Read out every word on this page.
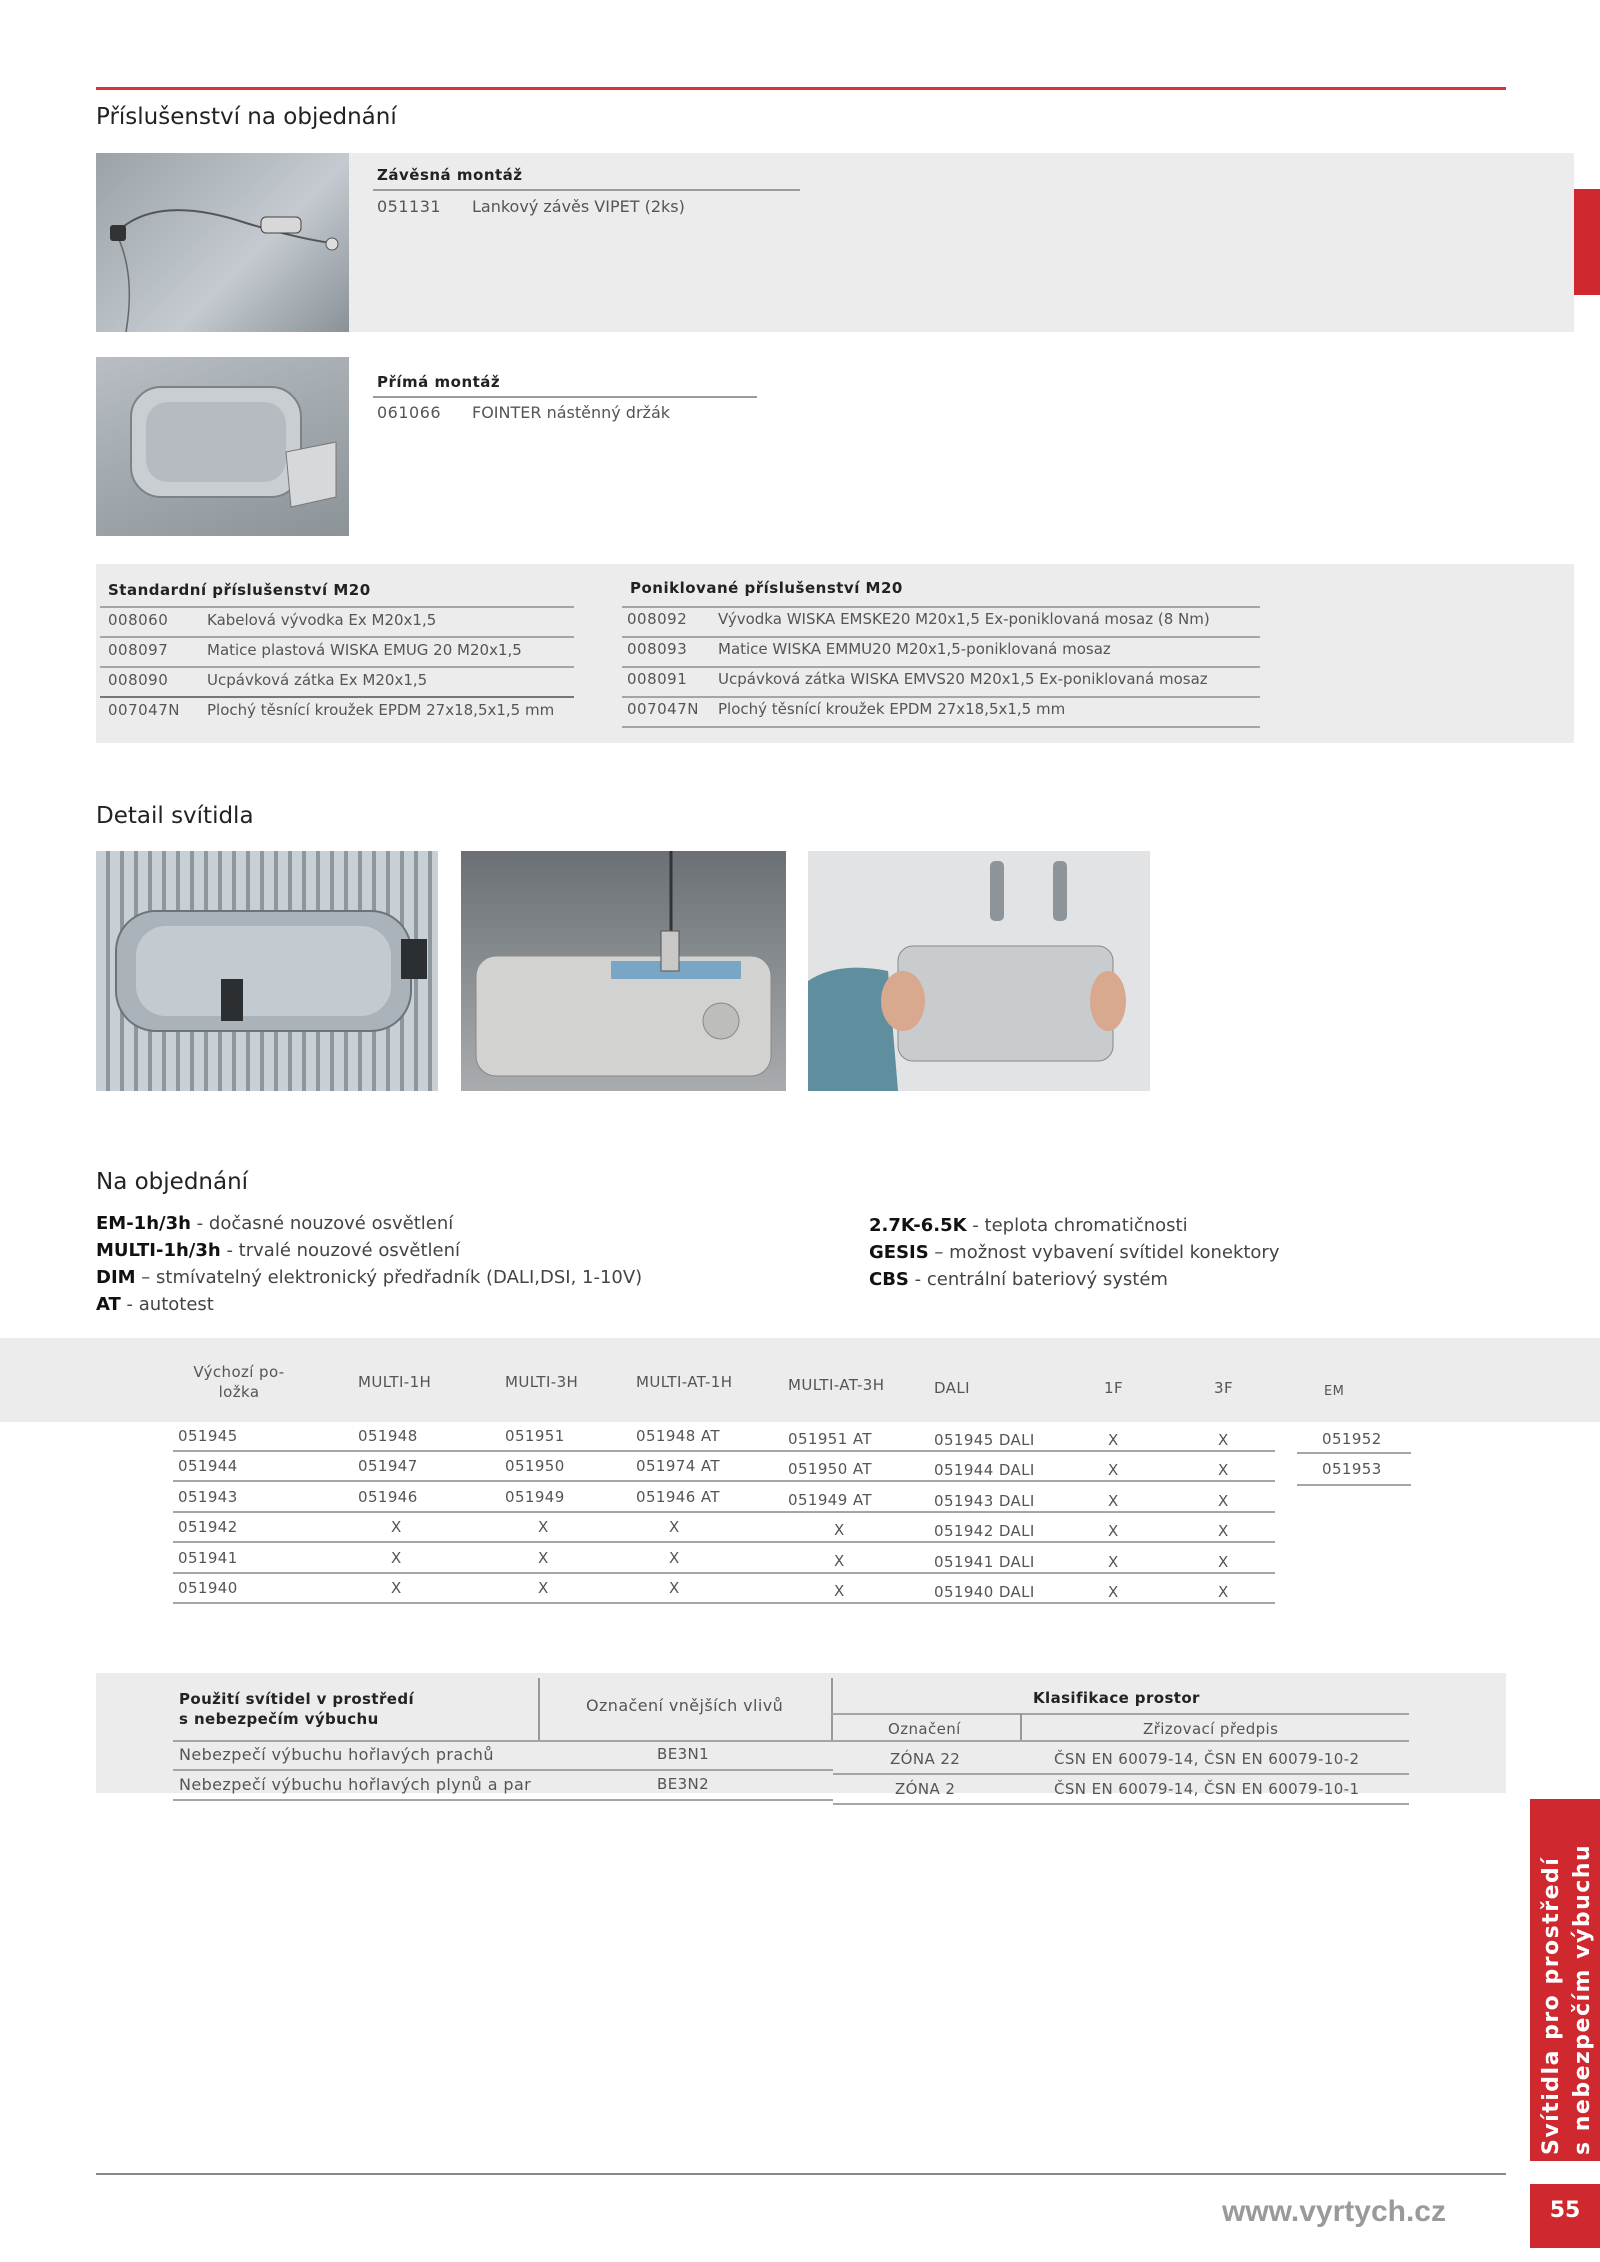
Příslušenství na objednání
Závěsná montáž
051131 Lankový závěs VIPET (2ks)
Přímá montáž
061066 FOINTER nástěnný držák
Standardní příslušenství M20	Poniklované příslušenství M20
008060	Kabelová vývodka Ex M20x1,5	008092 Vývodka WISKA EMSKE20 M20x1,5 Ex-poniklovaná mosaz (8 Nm)
008097	Matice plastová WISKA EMUG 20 M20x1,5	008093 Matice WISKA EMMU20 M20x1,5-poniklovaná mosaz
008090	Ucpávková zátka Ex M20x1,5	008091 Ucpávková zátka WISKA EMVS20 M20x1,5 Ex-poniklovaná mosaz
007047N Plochý těsnící kroužek EPDM 27x18,5x1,5 mm	007047N Plochý těsnící kroužek EPDM 27x18,5x1,5 mm
Detail svítidla
Na objednání
EM-1h/3h - dočasné nouzové osvětlení
MULTI-1h/3h - trvalé nouzové osvětlení
DIM – stmívatelný elektronický předřadník (DALI,DSI, 1-10V)
AT - autotest
2.7K-6.5K - teplota chromatičnosti
GESIS – možnost vybavení svítidel konektory
CBS - centrální bateriový systém
Výchozí po-
ložka
MULTI-1H	MULTI-3H	MULTI-AT-1H	MULTI-AT-3H	DALI	1F	3F	EM
051945	051948	051951	051948 AT	051951 AT	051945 DALI	X	X	051952
051944	051947	051950	051974 AT	051950 AT	051944 DALI	X	X	051953
051943	051946	051949	051946 AT	051949 AT	051943 DALI	X	X
051942	X	X	X	X	051942 DALI	X	X
051941	X	X	X	X	051941 DALI	X	X
051940	X	X	X	X	051940 DALI	X	X
Použití svítidel v prostředí
s nebezpečím výbuchu
Označení vnějších vlivů	Klasifikace prostor
Označení	Zřizovací předpis
Nebezpečí výbuchu hořlavých prachů	BE3N1	ZÓNA 22	ČSN EN 60079-14, ČSN EN 60079-10-2
Nebezpečí výbuchu hořlavých plynů a par	BE3N2	ZÓNA 2	ČSN EN 60079-14, ČSN EN 60079-10-1
Svítidla pro prostředí s nebezpečím výbuchu
www.vyrtych.cz	55
